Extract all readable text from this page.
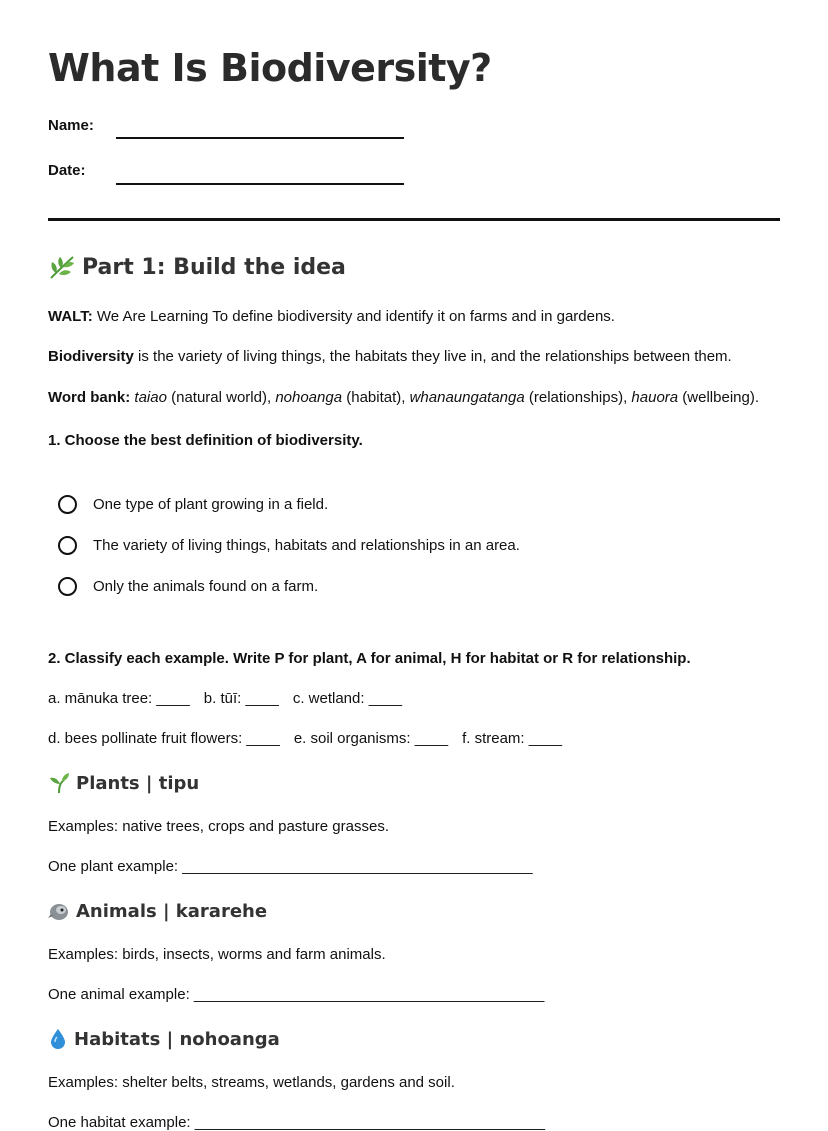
What Is Biodiversity?
Name:
Date:
Part 1: Build the idea
WALT: We Are Learning To define biodiversity and identify it on farms and in gardens.
Biodiversity is the variety of living things, the habitats they live in, and the relationships between them.
Word bank: taiao (natural world), nohoanga (habitat), whanaungatanga (relationships), hauora (wellbeing).
1. Choose the best definition of biodiversity.
One type of plant growing in a field.
The variety of living things, habitats and relationships in an area.
Only the animals found on a farm.
2. Classify each example. Write P for plant, A for animal, H for habitat or R for relationship.
a. mānuka tree: ____ b. tūī: ____ c. wetland: ____
d. bees pollinate fruit flowers: ____ e. soil organisms: ____ f. stream: ____
Plants | tipu
Examples: native trees, crops and pasture grasses.
One plant example: __________________________________________
Animals | kararehe
Examples: birds, insects, worms and farm animals.
One animal example: __________________________________________
Habitats | nohoanga
Examples: shelter belts, streams, wetlands, gardens and soil.
One habitat example: __________________________________________
